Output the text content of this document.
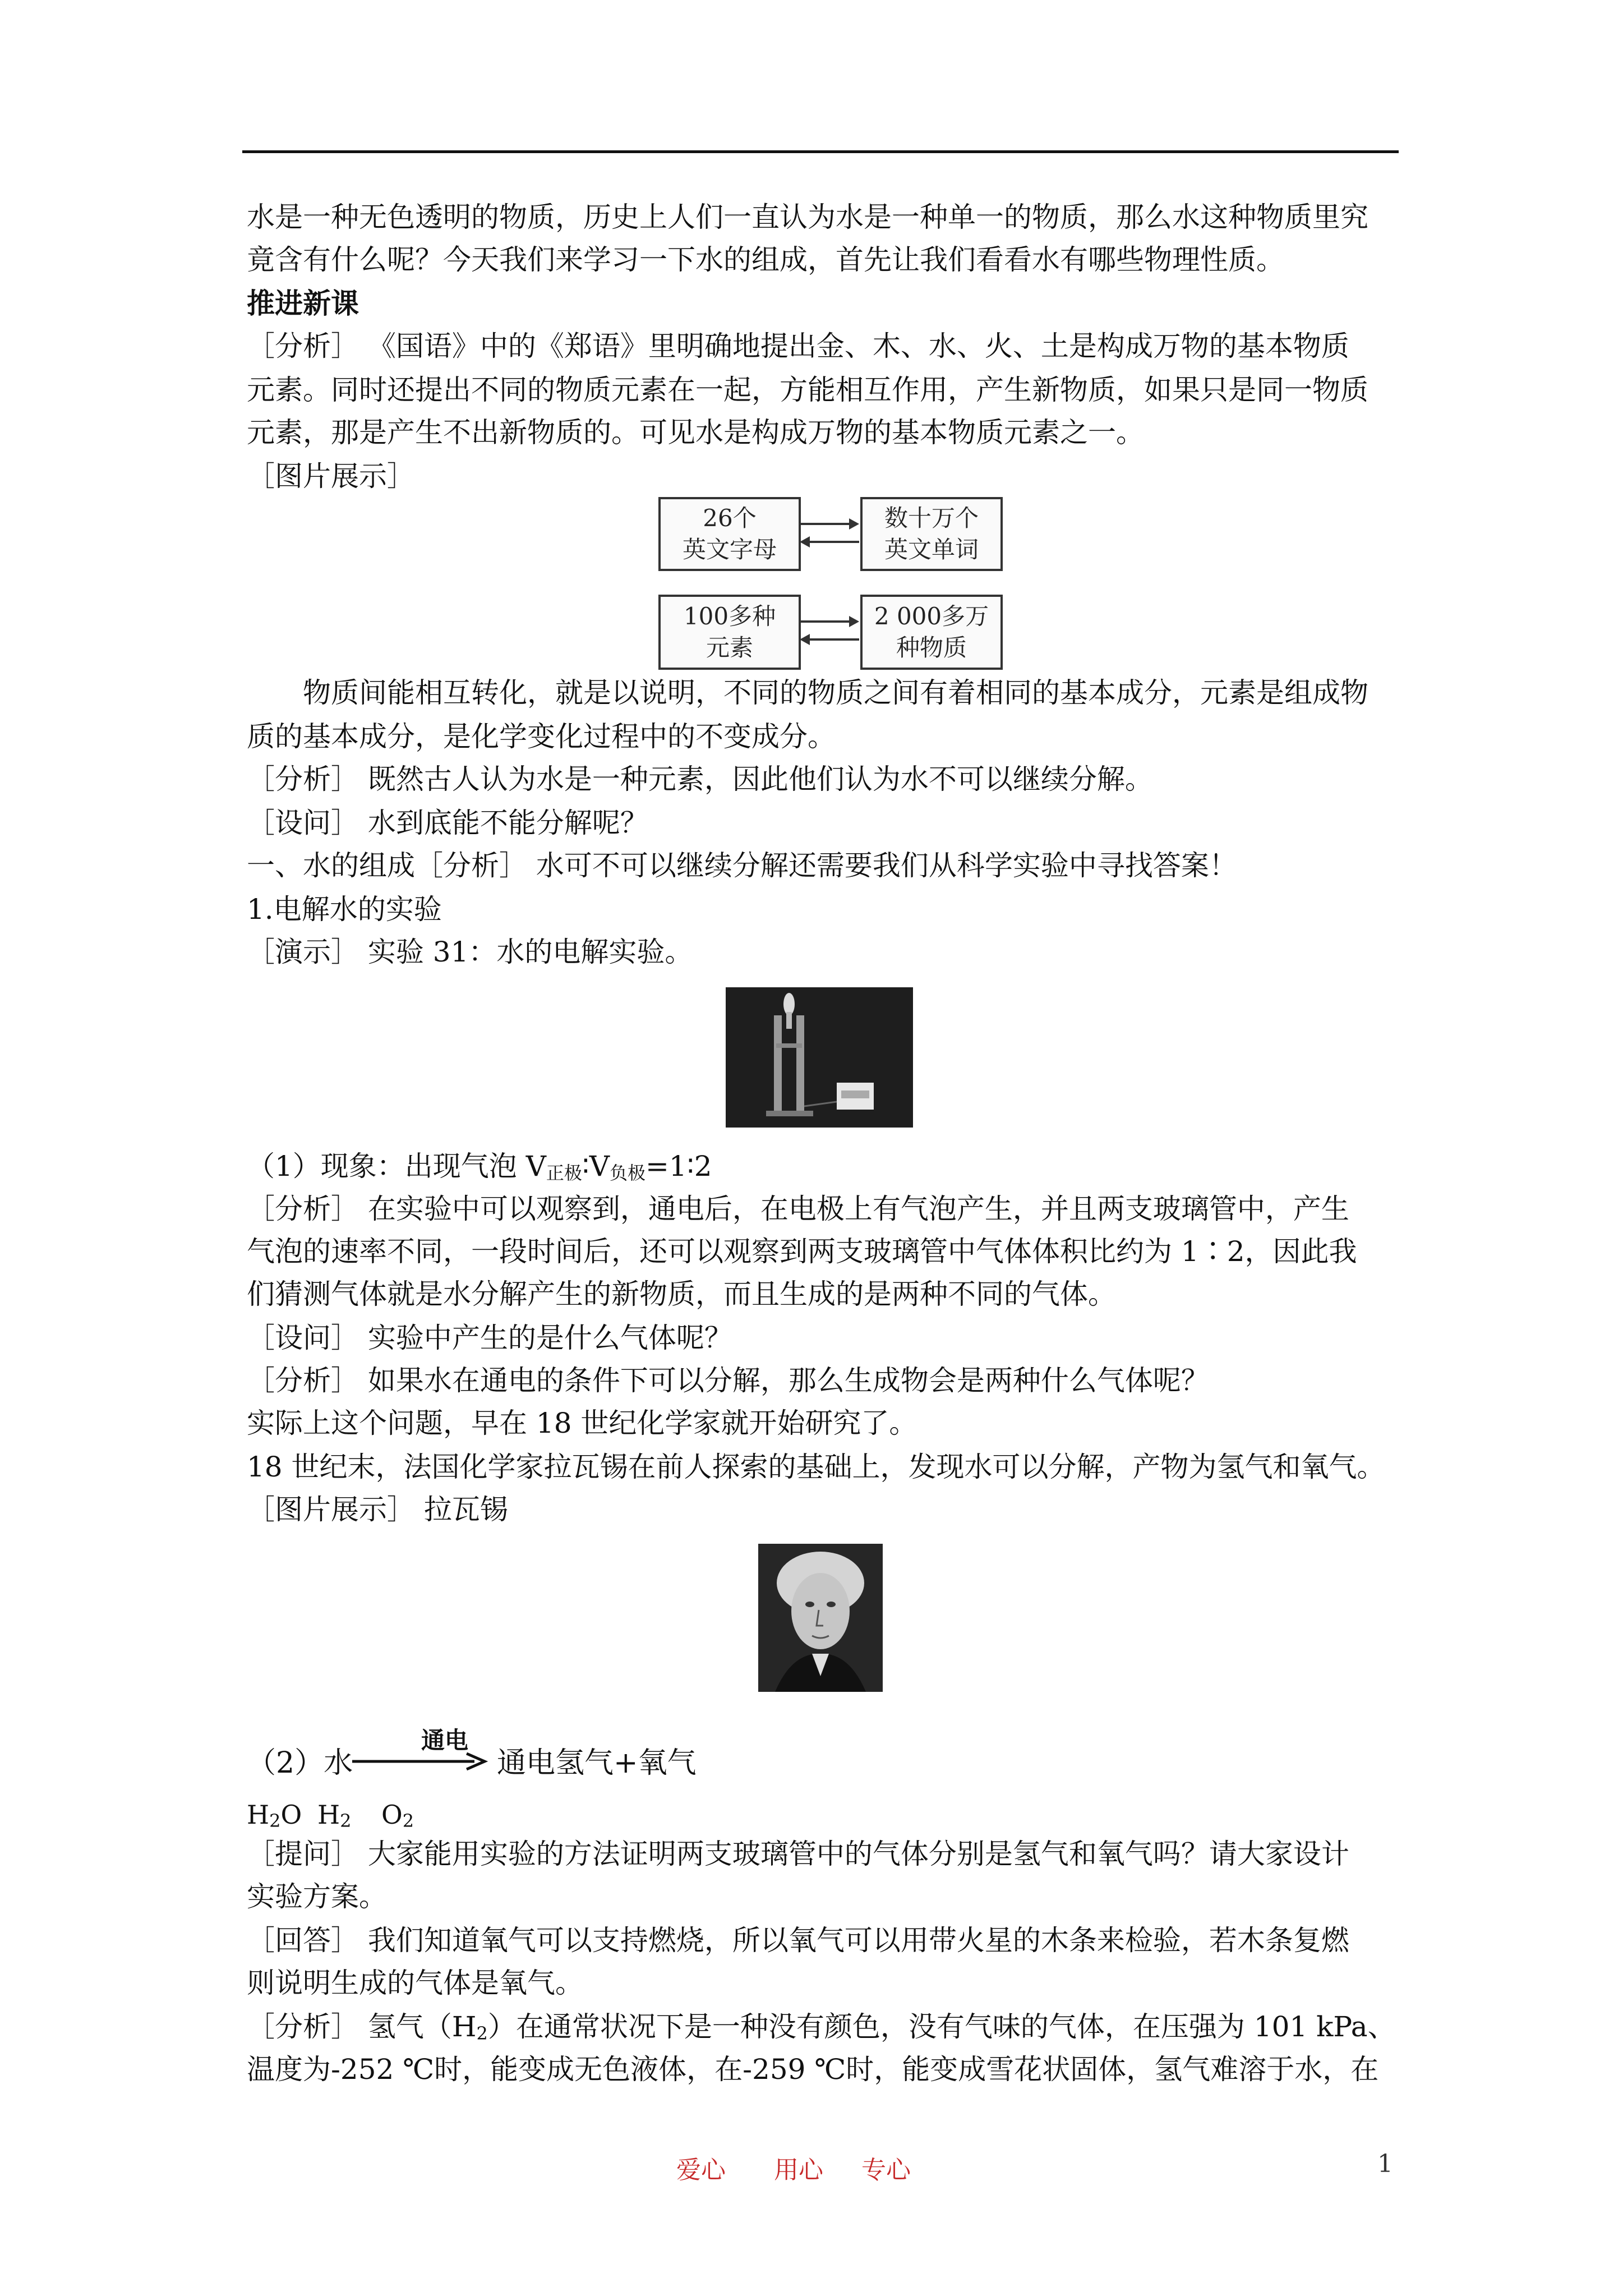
水是一种无色透明的物质，历史上人们一直认为水是一种单一的物质，那么水这种物质里究
竟含有什么呢？今天我们来学习一下水的组成，首先让我们看看水有哪些物理性质。
推进新课
［分析］ 《国语》中的《郑语》里明确地提出金、木、水、火、土是构成万物的基本物质
元素。同时还提出不同的物质元素在一起，方能相互作用，产生新物质，如果只是同一物质
元素，那是产生不出新物质的。可见水是构成万物的基本物质元素之一。
［图片展示］
26个
英文字母
数十万个
英文单词
100多种
元素
2 000多万
种物质
物质间能相互转化，就是以说明，不同的物质之间有着相同的基本成分，元素是组成物
质的基本成分，是化学变化过程中的不变成分。
［分析］ 既然古人认为水是一种元素，因此他们认为水不可以继续分解。
［设问］ 水到底能不能分解呢？
一、水的组成［分析］ 水可不可以继续分解还需要我们从科学实验中寻找答案！
1.电解水的实验
［演示］ 实验 31：水的电解实验。
（1）现象：出现气泡 $V_{正极}∶V_{负极}=1∶2$
［分析］ 在实验中可以观察到，通电后，在电极上有气泡产生，并且两支玻璃管中，产生
气泡的速率不同，一段时间后，还可以观察到两支玻璃管中气体体积比约为 1∶2，因此我
们猜测气体就是水分解产生的新物质，而且生成的是两种不同的气体。
［设问］ 实验中产生的是什么气体呢？
［分析］ 如果水在通电的条件下可以分解，那么生成物会是两种什么气体呢？
实际上这个问题，早在 18 世纪化学家就开始研究了。
18 世纪末，法国化学家拉瓦锡在前人探索的基础上，发现水可以分解，产物为氢气和氧气。
［图片展示］ 拉瓦锡
（2）水
通电
通电氢气+氧气
$H_2O$ $H_2$ $O_2$
［提问］ 大家能用实验的方法证明两支玻璃管中的气体分别是氢气和氧气吗？请大家设计
实验方案。
［回答］ 我们知道氧气可以支持燃烧，所以氧气可以用带火星的木条来检验，若木条复燃
则说明生成的气体是氧气。
［分析］ 氢气$(H_2)$在通常状况下是一种没有颜色，没有气味的气体，在压强为 101 kPa、
温度为-252 ℃时，能变成无色液体，在-259 ℃时，能变成雪花状固体，氢气难溶于水，在
爱心 用心 专心	1
